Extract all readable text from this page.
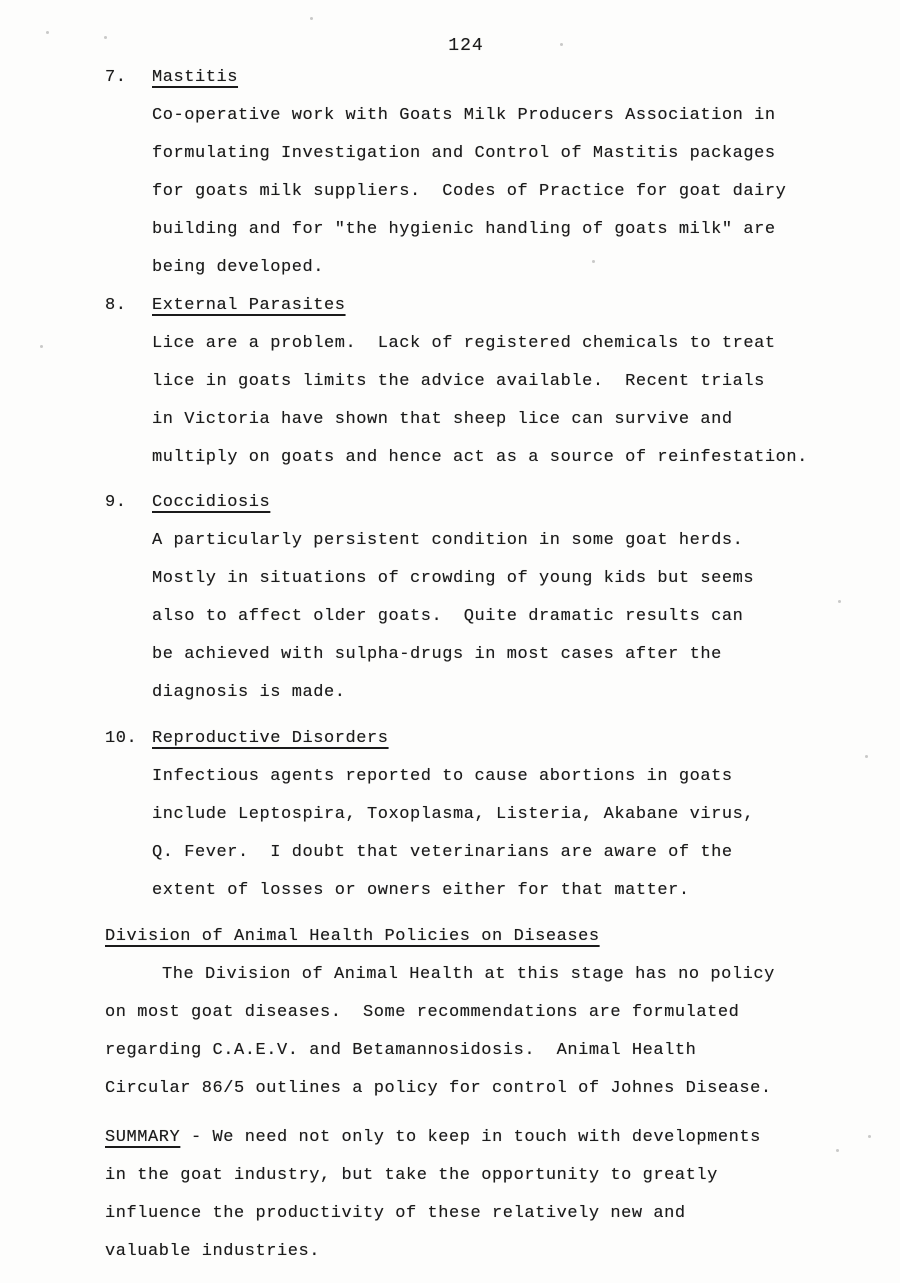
124
7. Mastitis
Co-operative work with Goats Milk Producers Association in
formulating Investigation and Control of Mastitis packages
for goats milk suppliers.  Codes of Practice for goat dairy
building and for "the hygienic handling of goats milk" are
being developed.
8. External Parasites
Lice are a problem.  Lack of registered chemicals to treat
lice in goats limits the advice available.  Recent trials
in Victoria have shown that sheep lice can survive and
multiply on goats and hence act as a source of reinfestation.
9. Coccidiosis
A particularly persistent condition in some goat herds.
Mostly in situations of crowding of young kids but seems
also to affect older goats.  Quite dramatic results can
be achieved with sulpha-drugs in most cases after the
diagnosis is made.
10. Reproductive Disorders
Infectious agents reported to cause abortions in goats
include Leptospira, Toxoplasma, Listeria, Akabane virus,
Q. Fever.  I doubt that veterinarians are aware of the
extent of losses or owners either for that matter.
Division of Animal Health Policies on Diseases
The Division of Animal Health at this stage has no policy
on most goat diseases.  Some recommendations are formulated
regarding C.A.E.V. and Betamannosidosis.  Animal Health
Circular 86/5 outlines a policy for control of Johnes Disease.
SUMMARY - We need not only to keep in touch with developments
in the goat industry, but take the opportunity to greatly
influence the productivity of these relatively new and
valuable industries.
